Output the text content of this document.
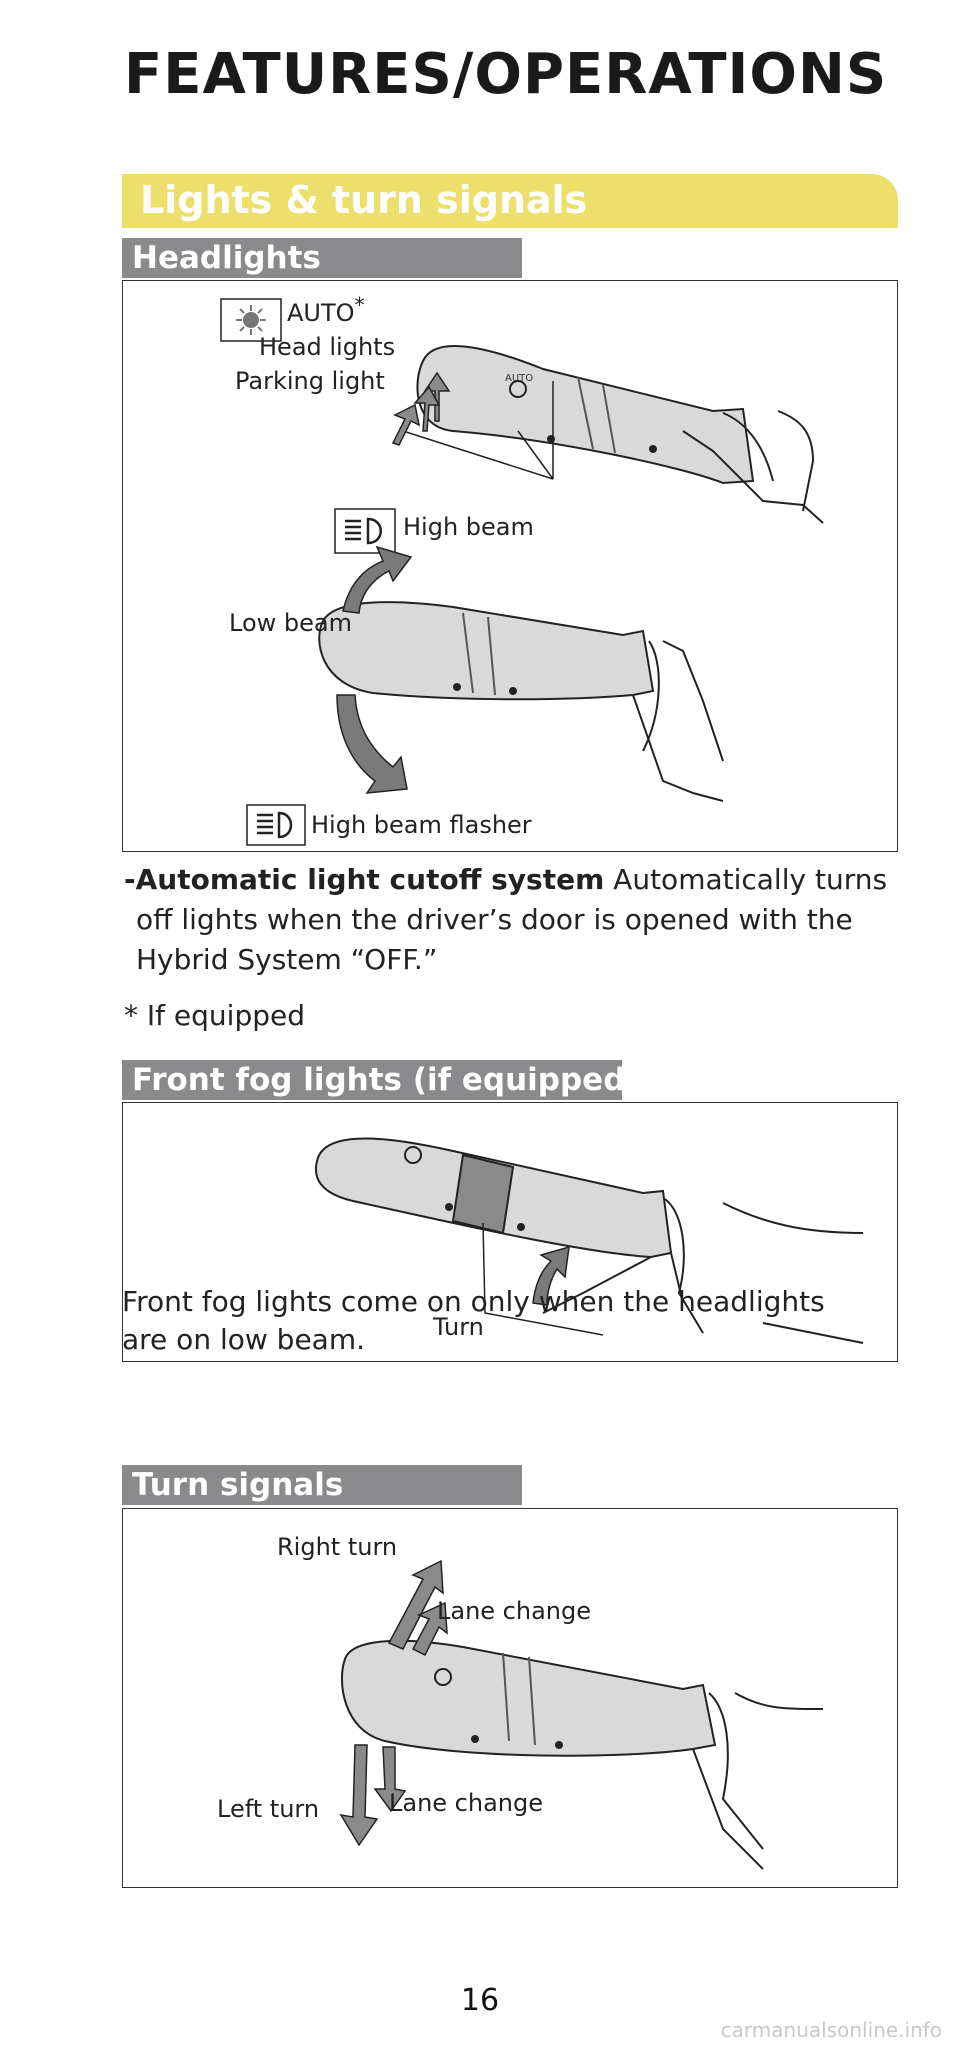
FEATURES/OPERATIONS
Lights & turn signals
Headlights
AUTO*
Head lights
Parking light
High beam
Low beam
High beam flasher
AUTO
-Automatic light cutoff system Automatically turns
off lights when the driver’s door is opened with the
Hybrid System “OFF.”
* If equipped
Front fog lights (if equipped)
Turn
Front fog lights come on only when the headlights
are on low beam.
Turn signals
Right turn
Lane change
Left turn	Lane change
16
carmanualsonline.info
